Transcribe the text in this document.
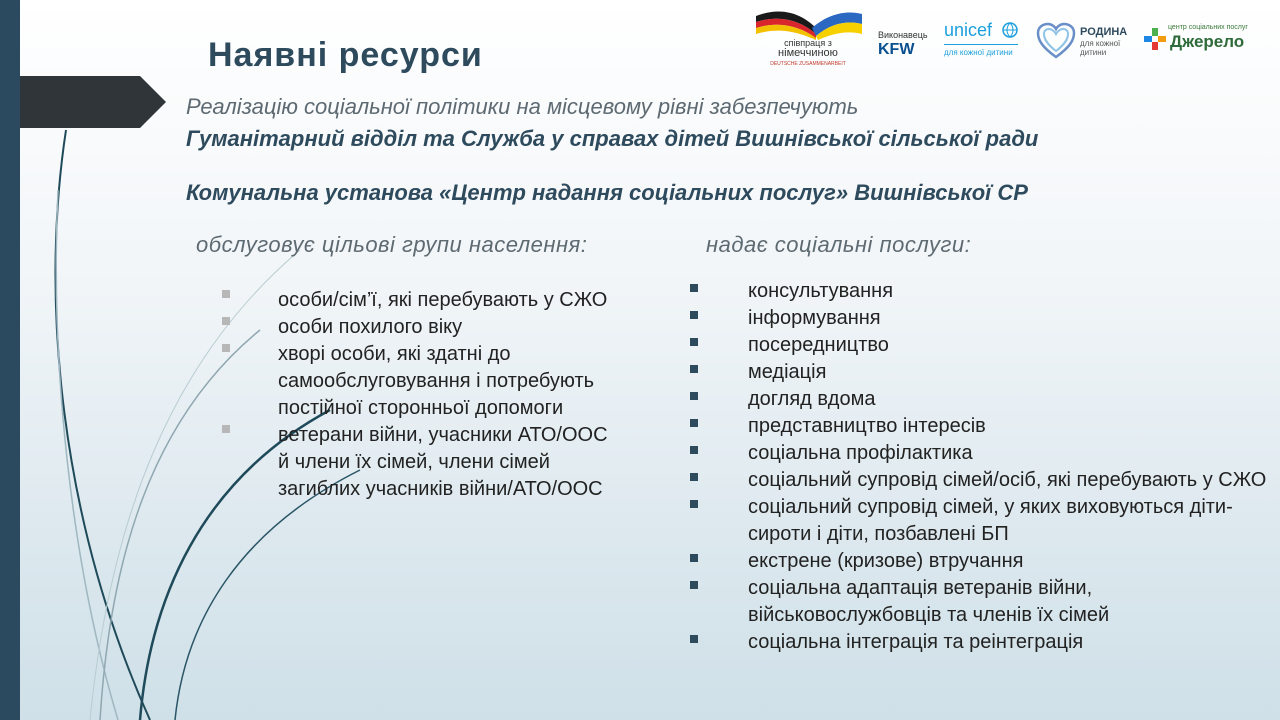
Наявні ресурси
Реалізацію соціальної політики на місцевому рівні забезпечують
Гуманітарний відділ та Служба у справах дітей Вишнівської сільської ради
Комунальна установа «Центр надання соціальних послуг» Вишнівської СР
обслуговує цільові групи населення:	надає соціальні послуги:
особи/сім’ї, які перебувають у СЖО
особи похилого віку
хворі особи, які здатні до самообслуговування і потребують постійної сторонньої допомоги
ветерани війни, учасники АТО/ООС й члени їх сімей, члени сімей загиблих учасників війни/АТО/ООС
консультування
інформування
посередництво
медіація
догляд вдома
представництво інтересів
соціальна профілактика
соціальний супровід сімей/осіб, які перебувають у СЖО
соціальний супровід сімей, у яких виховуються діти-сироти і діти, позбавлені БП
екстрене (кризове) втручання
соціальна адаптація ветеранів війни, військовослужбовців та членів їх сімей
соціальна інтеграція та реінтеграція
співпраця з
німеччиною
DEUTSCHE ZUSAMMENARBEIT
Виконавець
KFW
unicef
для кожної дитини
РОДИНА
для кожної
дитини
центр соціальних послуг
Джерело
